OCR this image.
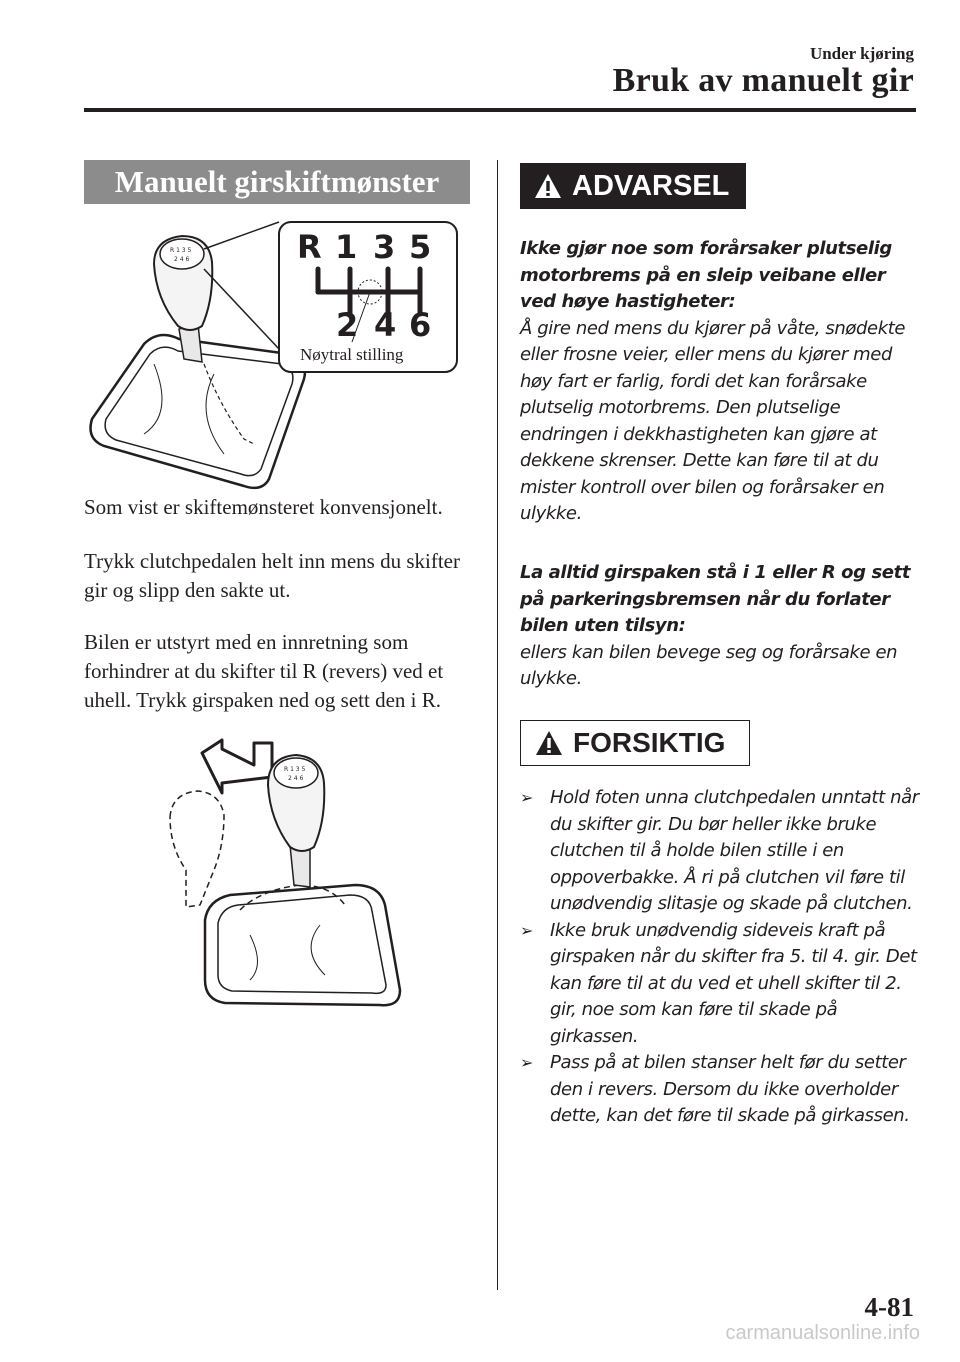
Under kjøring
Bruk av manuelt gir
Manuelt girskiftmønster
R 1 3 5
2 4 6	R 1 3 5
2 4 6
Nøytral stilling
Som vist er skiftemønsteret konvensjonelt.
Trykk clutchpedalen helt inn mens du skifter gir og slipp den sakte ut.
Bilen er utstyrt med en innretning som forhindrer at du skifter til R (revers) ved et uhell. Trykk girspaken ned og sett den i R.
R 1 3 5
2 4 6
ADVARSEL
Ikke gjør noe som forårsaker plutselig motorbrems på en sleip veibane eller ved høye hastigheter:
Å gire ned mens du kjører på våte, snødekte eller frosne veier, eller mens du kjører med høy fart er farlig, fordi det kan forårsake plutselig motorbrems. Den plutselige endringen i dekkhastigheten kan gjøre at dekkene skrenser. Dette kan føre til at du mister kontroll over bilen og forårsaker en ulykke.
La alltid girspaken stå i 1 eller R og sett på parkeringsbremsen når du forlater bilen uten tilsyn:
ellers kan bilen bevege seg og forårsake en ulykke.
FORSIKTIG
➢ Hold foten unna clutchpedalen unntatt når du skifter gir. Du bør heller ikke bruke clutchen til å holde bilen stille i en oppoverbakke. Å ri på clutchen vil føre til unødvendig slitasje og skade på clutchen.
➢ Ikke bruk unødvendig sideveis kraft på girspaken når du skifter fra 5. til 4. gir. Det kan føre til at du ved et uhell skifter til 2. gir, noe som kan føre til skade på girkassen.
➢ Pass på at bilen stanser helt før du setter den i revers. Dersom du ikke overholder dette, kan det føre til skade på girkassen.
4-81
carmanualsonline.info
